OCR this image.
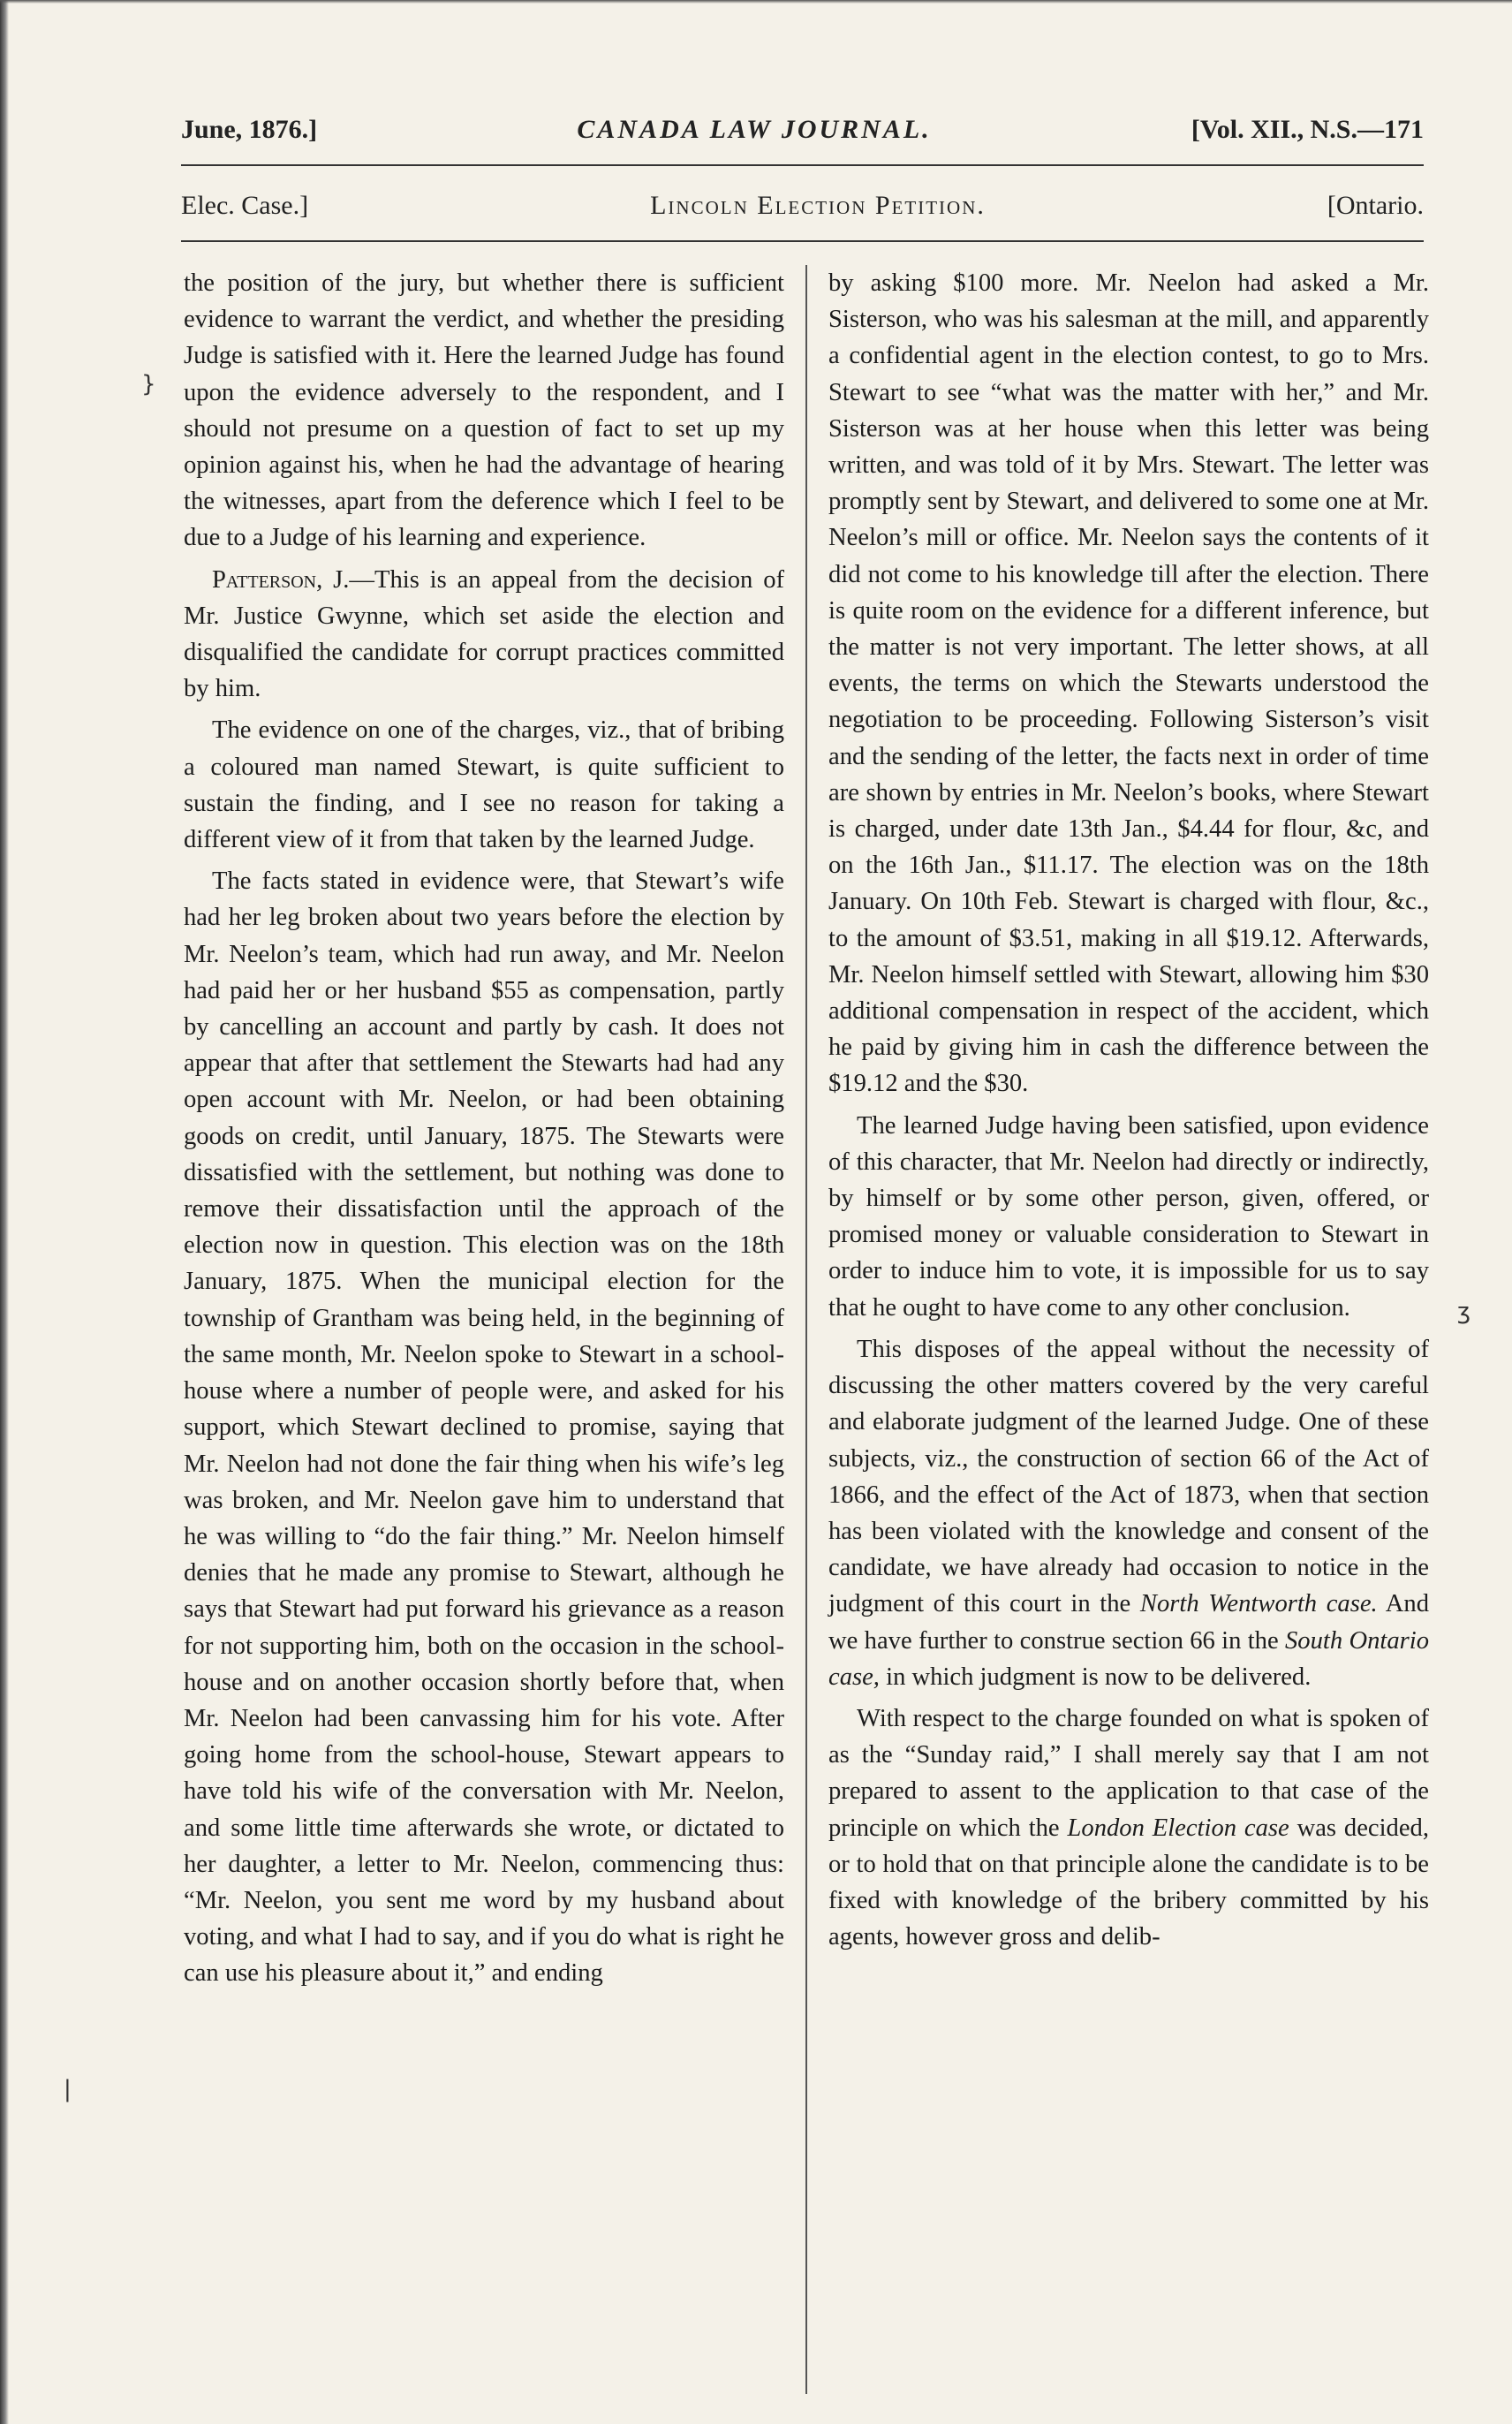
June, 1876.]	CANADA LAW JOURNAL.	[Vol. XII., N.S.—171
Elec. Case.]	Lincoln Election Petition.	[Ontario.

the position of the jury, but whether there is sufficient evidence to warrant the verdict, and whether the presiding Judge is satisfied with it. Here the learned Judge has found upon the evidence adversely to the respondent, and I should not presume on a question of fact to set up my opinion against his, when he had the advantage of hearing the witnesses, apart from the deference which I feel to be due to a Judge of his learning and experience.

Patterson, J.—This is an appeal from the decision of Mr. Justice Gwynne, which set aside the election and disqualified the candidate for corrupt practices committed by him.

The evidence on one of the charges, viz., that of bribing a coloured man named Stewart, is quite sufficient to sustain the finding, and I see no reason for taking a different view of it from that taken by the learned Judge.

The facts stated in evidence were, that Stewart’s wife had her leg broken about two years before the election by Mr. Neelon’s team, which had run away, and Mr. Neelon had paid her or her husband $55 as compensation, partly by cancelling an account and partly by cash. It does not appear that after that settlement the Stewarts had had any open account with Mr. Neelon, or had been obtaining goods on credit, until January, 1875. The Stewarts were dissatisfied with the settlement, but nothing was done to remove their dissatisfaction until the approach of the election now in question. This election was on the 18th January, 1875. When the municipal election for the township of Grantham was being held, in the beginning of the same month, Mr. Neelon spoke to Stewart in a school-house where a number of people were, and asked for his support, which Stewart declined to promise, saying that Mr. Neelon had not done the fair thing when his wife’s leg was broken, and Mr. Neelon gave him to understand that he was willing to “do the fair thing.” Mr. Neelon himself denies that he made any promise to Stewart, although he says that Stewart had put forward his grievance as a reason for not supporting him, both on the occasion in the school-house and on another occasion shortly before that, when Mr. Neelon had been canvassing him for his vote. After going home from the school-house, Stewart appears to have told his wife of the conversation with Mr. Neelon, and some little time afterwards she wrote, or dictated to her daughter, a letter to Mr. Neelon, commencing thus: “Mr. Neelon, you sent me word by my husband about voting, and what I had to say, and if you do what is right he can use his pleasure about it,” and ending

by asking $100 more. Mr. Neelon had asked a Mr. Sisterson, who was his salesman at the mill, and apparently a confidential agent in the election contest, to go to Mrs. Stewart to see “what was the matter with her,” and Mr. Sisterson was at her house when this letter was being written, and was told of it by Mrs. Stewart. The letter was promptly sent by Stewart, and delivered to some one at Mr. Neelon’s mill or office. Mr. Neelon says the contents of it did not come to his knowledge till after the election. There is quite room on the evidence for a different inference, but the matter is not very important. The letter shows, at all events, the terms on which the Stewarts understood the negotiation to be proceeding. Following Sisterson’s visit and the sending of the letter, the facts next in order of time are shown by entries in Mr. Neelon’s books, where Stewart is charged, under date 13th Jan., $4.44 for flour, &c, and on the 16th Jan., $11.17. The election was on the 18th January. On 10th Feb. Stewart is charged with flour, &c., to the amount of $3.51, making in all $19.12. Afterwards, Mr. Neelon himself settled with Stewart, allowing him $30 additional compensation in respect of the accident, which he paid by giving him in cash the difference between the $19.12 and the $30.

The learned Judge having been satisfied, upon evidence of this character, that Mr. Neelon had directly or indirectly, by himself or by some other person, given, offered, or promised money or valuable consideration to Stewart in order to induce him to vote, it is impossible for us to say that he ought to have come to any other conclusion.

This disposes of the appeal without the necessity of discussing the other matters covered by the very careful and elaborate judgment of the learned Judge. One of these subjects, viz., the construction of section 66 of the Act of 1866, and the effect of the Act of 1873, when that section has been violated with the knowledge and consent of the candidate, we have already had occasion to notice in the judgment of this court in the North Wentworth case. And we have further to construe section 66 in the South Ontario case, in which judgment is now to be delivered.

With respect to the charge founded on what is spoken of as the “Sunday raid,” I shall merely say that I am not prepared to assent to the application to that case of the principle on which the London Election case was decided, or to hold that on that principle alone the candidate is to be fixed with knowledge of the bribery committed by his agents, however gross and delib-

}
ʒ
|
